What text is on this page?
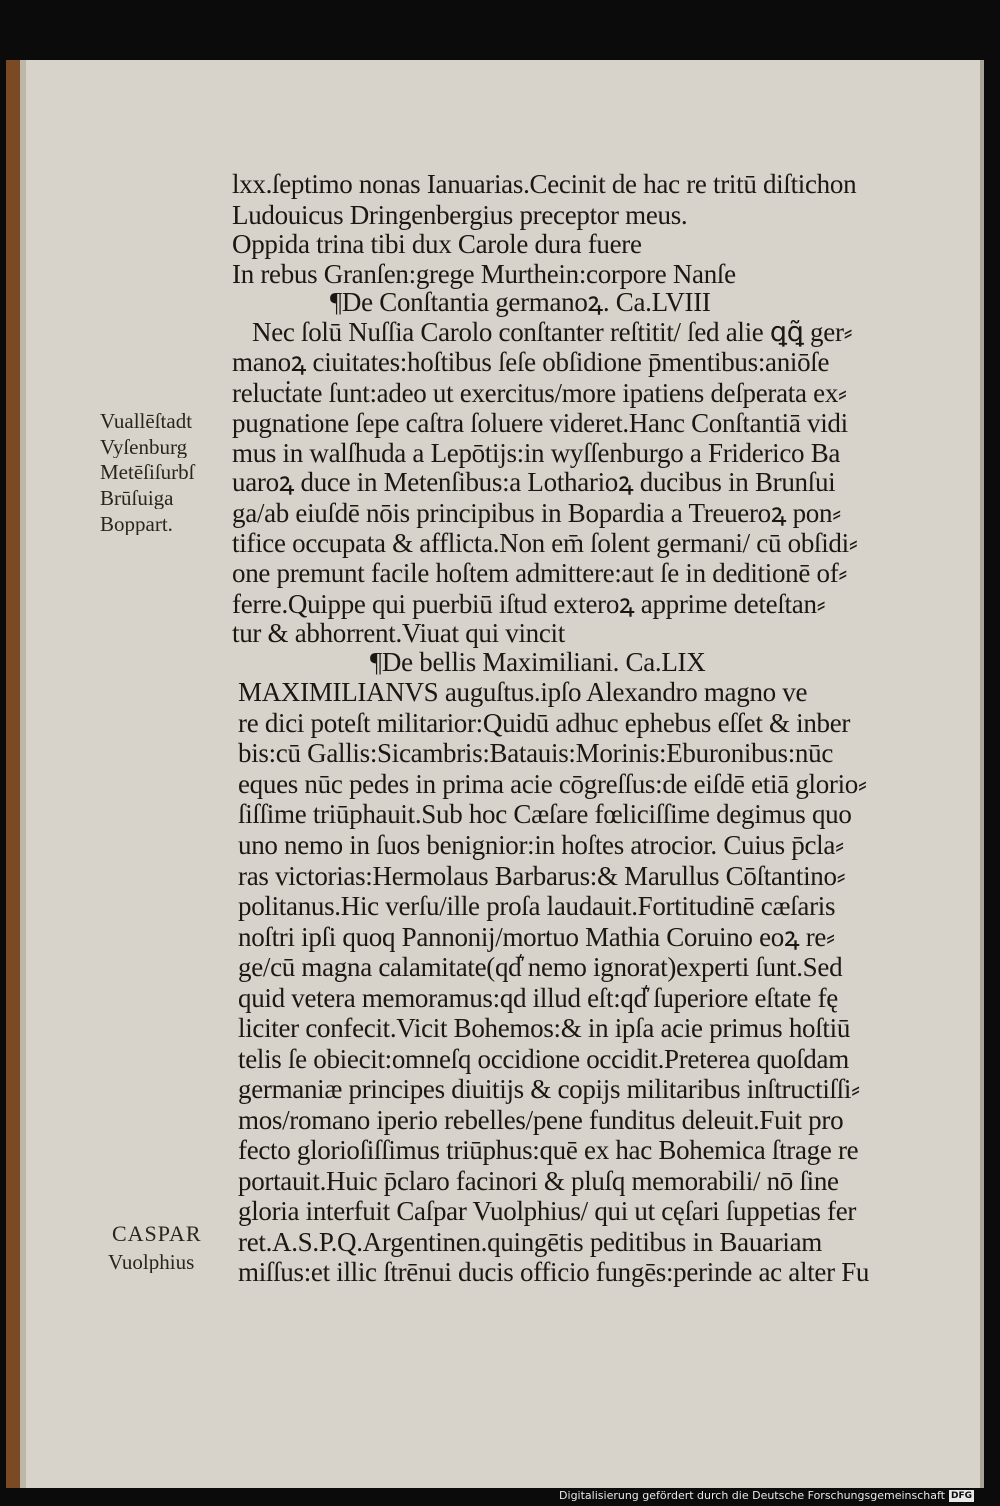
lxx.ſeptimo nonas Ianuarias.Cecinit de hac re tritū diſtichon
Ludouicus Dringenbergius preceptor meus.
Oppida trina tibi dux Carole dura fuere
In rebus Granſen:grege Murthein:corpore Nanſe
¶De Conſtantia germanoꝝ. Ca.LVIII
Nec ſolū Nuſſia Carolo conſtanter reſtitit/ ſed alie ꝗꝗ͂ ger⸗
manoꝝ ciuitates:hoſtibus ſeſe obſidione p̄mentibus:aniōſe
relucṫate ſunt:adeo ut exercitus/more ipatiens deſperata ex⸗
pugnatione ſepe caſtra ſoluere videret.Hanc Conſtantiā vidi
mus in walſhuda a Lepōtijs:in wyſſenburgo a Friderico Ba
uaroꝝ duce in Metenſibus:a Lotharioꝝ ducibus in Brunſui
ga/ab eiuſdē nōis principibus in Bopardia a Treueroꝝ pon⸗
tifice occupata & afflicta.Non em̄ ſolent germani/ cū obſidi⸗
one premunt facile hoſtem admittere:aut ſe in deditionē of⸗
ferre.Quippe qui puerbiū iſtud exteroꝝ apprime deteſtan⸗
tur & abhorrent.Viuat qui vincit
¶De bellis Maximiliani. Ca.LIX
MAXIMILIANVS auguſtus.ipſo Alexandro magno ve
re dici poteſt militarior:Quidū adhuc ephebus eſſet & inber
bis:cū Gallis:Sicambris:Batauis:Morinis:Eburonibus:nūc
eques nūc pedes in prima acie cōgreſſus:de eiſdē etiā glorio⸗
ſiſſime triūphauit.Sub hoc Cæſare fœliciſſime degimus quo
uno nemo in ſuos benignior:in hoſtes atrocior. Cuius p̄cla⸗
ras victorias:Hermolaus Barbarus:& Marullus Cōſtantino⸗
politanus.Hic verſu/ille proſa laudauit.Fortitudinē cæſaris
noſtri ipſi quoq Pannonij/mortuo Mathia Coruino eoꝝ re⸗
ge/cū magna calamitate(qd͛ nemo ignorat)experti ſunt.Sed
quid vetera memoramus:qd illud eſt:qd͛ ſuperiore eſtate fę
liciter confecit.Vicit Bohemos:& in ipſa acie primus hoſtiū
telis ſe obiecit:omneſq occidione occidit.Preterea quoſdam
germaniæ principes diuitijs & copijs militaribus inſtructiſſi⸗
mos/romano iperio rebelles/pene funditus deleuit.Fuit pro
fecto glorioſiſſimus triūphus:quē ex hac Bohemica ſtrage re
portauit.Huic p̄claro facinori & pluſq memorabili/ nō ſine
gloria interfuit Caſpar Vuolphius/ qui ut cęſari ſuppetias fer
ret.A.S.P.Q.Argentinen.quingētis peditibus in Bauariam
miſſus:et illic ſtrēnui ducis officio fungēs:perinde ac alter Fu
Vuallēſtadt
Vyſenburg
Metēſiſurbſ
Brūſuiga
Boppart.
CASPAR
Vuolphius
Digitalisierung gefördert durch die Deutsche Forschungsgemeinschaft DFG
